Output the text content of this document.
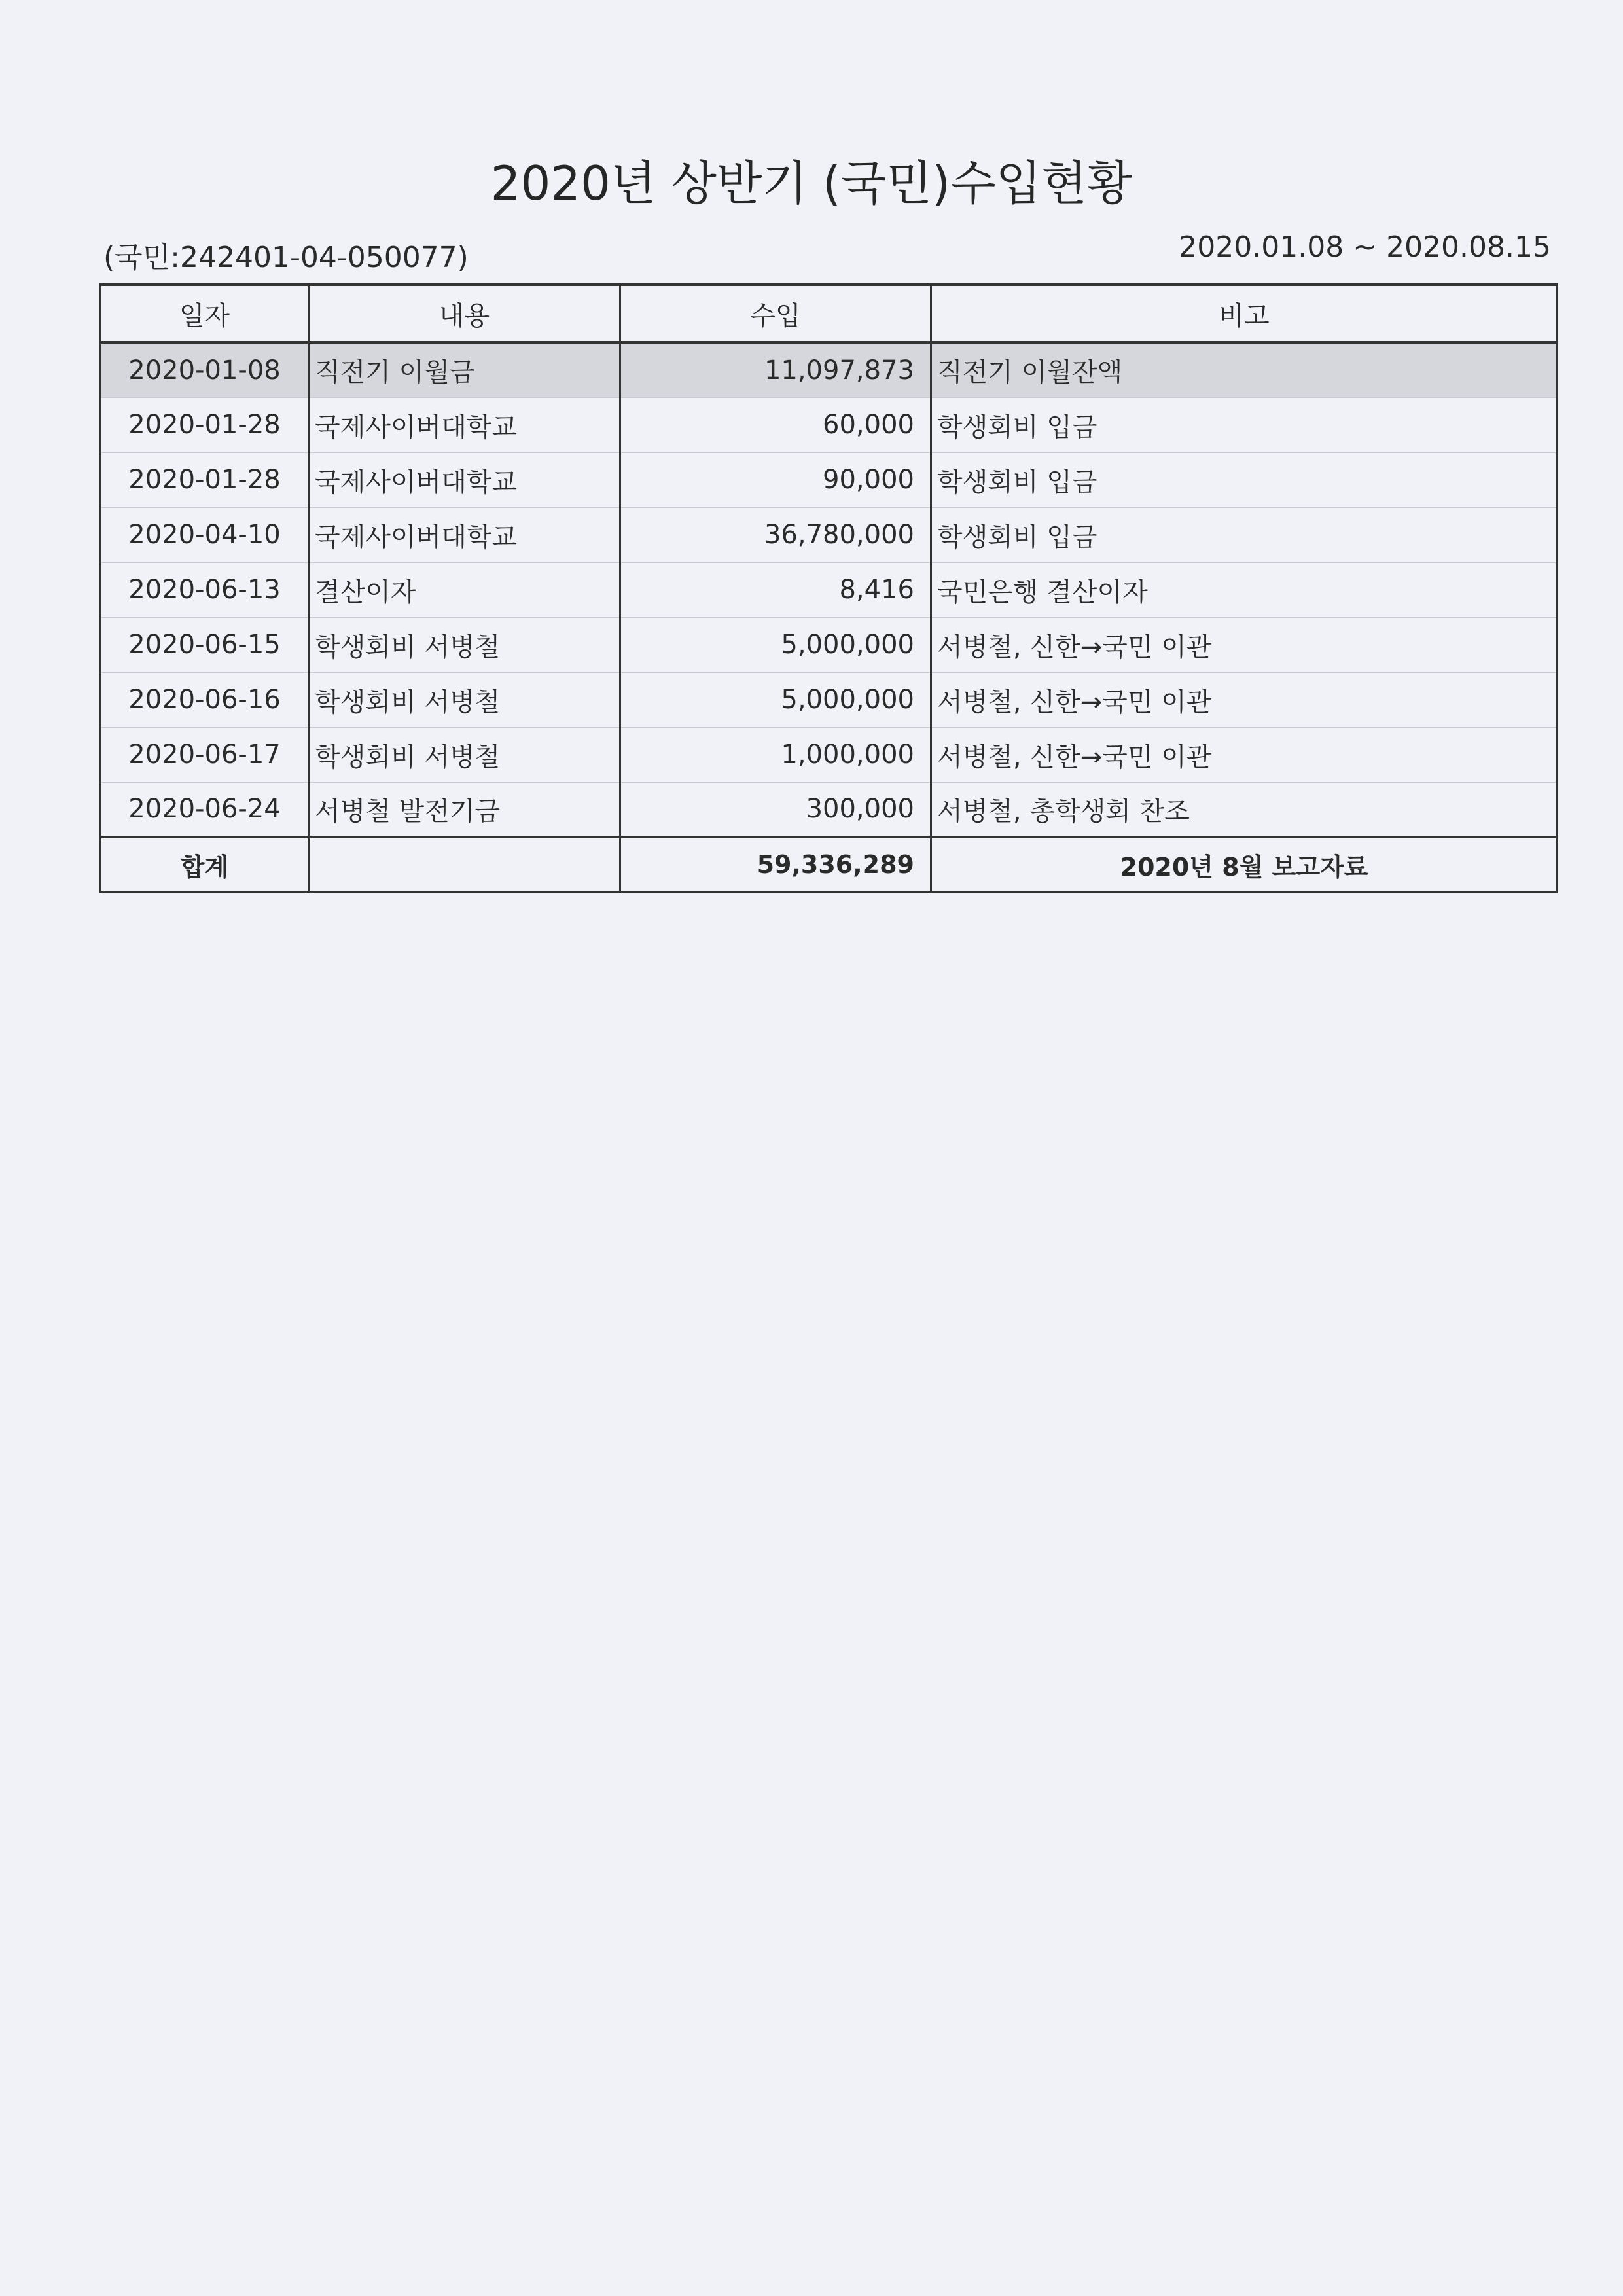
2020년 상반기 (국민)수입현황
(국민:242401-04-050077)	2020.01.08 ~ 2020.08.15
일자	내용	수입	비고
2020-01-08	직전기 이월금	11,097,873	직전기 이월잔액
2020-01-28	국제사이버대학교	60,000	학생회비 입금
2020-01-28	국제사이버대학교	90,000	학생회비 입금
2020-04-10	국제사이버대학교	36,780,000	학생회비 입금
2020-06-13	결산이자	8,416	국민은행 결산이자
2020-06-15	학생회비 서병철	5,000,000	서병철, 신한→국민 이관
2020-06-16	학생회비 서병철	5,000,000	서병철, 신한→국민 이관
2020-06-17	학생회비 서병철	1,000,000	서병철, 신한→국민 이관
2020-06-24	서병철 발전기금	300,000	서병철, 총학생회 찬조
합계		59,336,289	2020년 8월 보고자료
